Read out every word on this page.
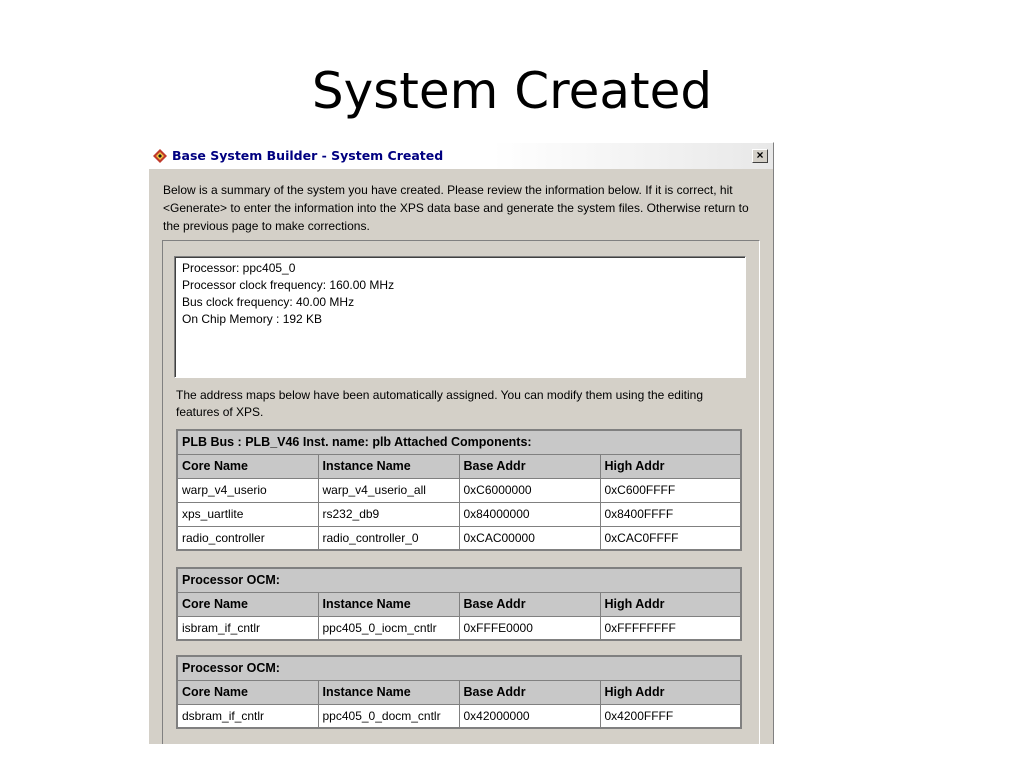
System Created
Base System Builder - System Created	×
Below is a summary of the system you have created. Please review the information below. If it is correct, hit <Generate> to enter the information into the XPS data base and generate the system files. Otherwise return to the previous page to make corrections.
Processor: ppc405_0
Processor clock frequency: 160.00 MHz
Bus clock frequency: 40.00 MHz
On Chip Memory : 192 KB
The address maps below have been automatically assigned. You can modify them using the editing features of XPS.
PLB Bus : PLB_V46 Inst. name: plb Attached Components:			
Core Name	Instance Name	Base Addr	High Addr
warp_v4_userio	warp_v4_userio_all	0xC6000000	0xC600FFFF
xps_uartlite	rs232_db9	0x84000000	0x8400FFFF
radio_controller	radio_controller_0	0xCAC00000	0xCAC0FFFF
Processor OCM:			
Core Name	Instance Name	Base Addr	High Addr
isbram_if_cntlr	ppc405_0_iocm_cntlr	0xFFFE0000	0xFFFFFFFF
Processor OCM:			
Core Name	Instance Name	Base Addr	High Addr
dsbram_if_cntlr	ppc405_0_docm_cntlr	0x42000000	0x4200FFFF
